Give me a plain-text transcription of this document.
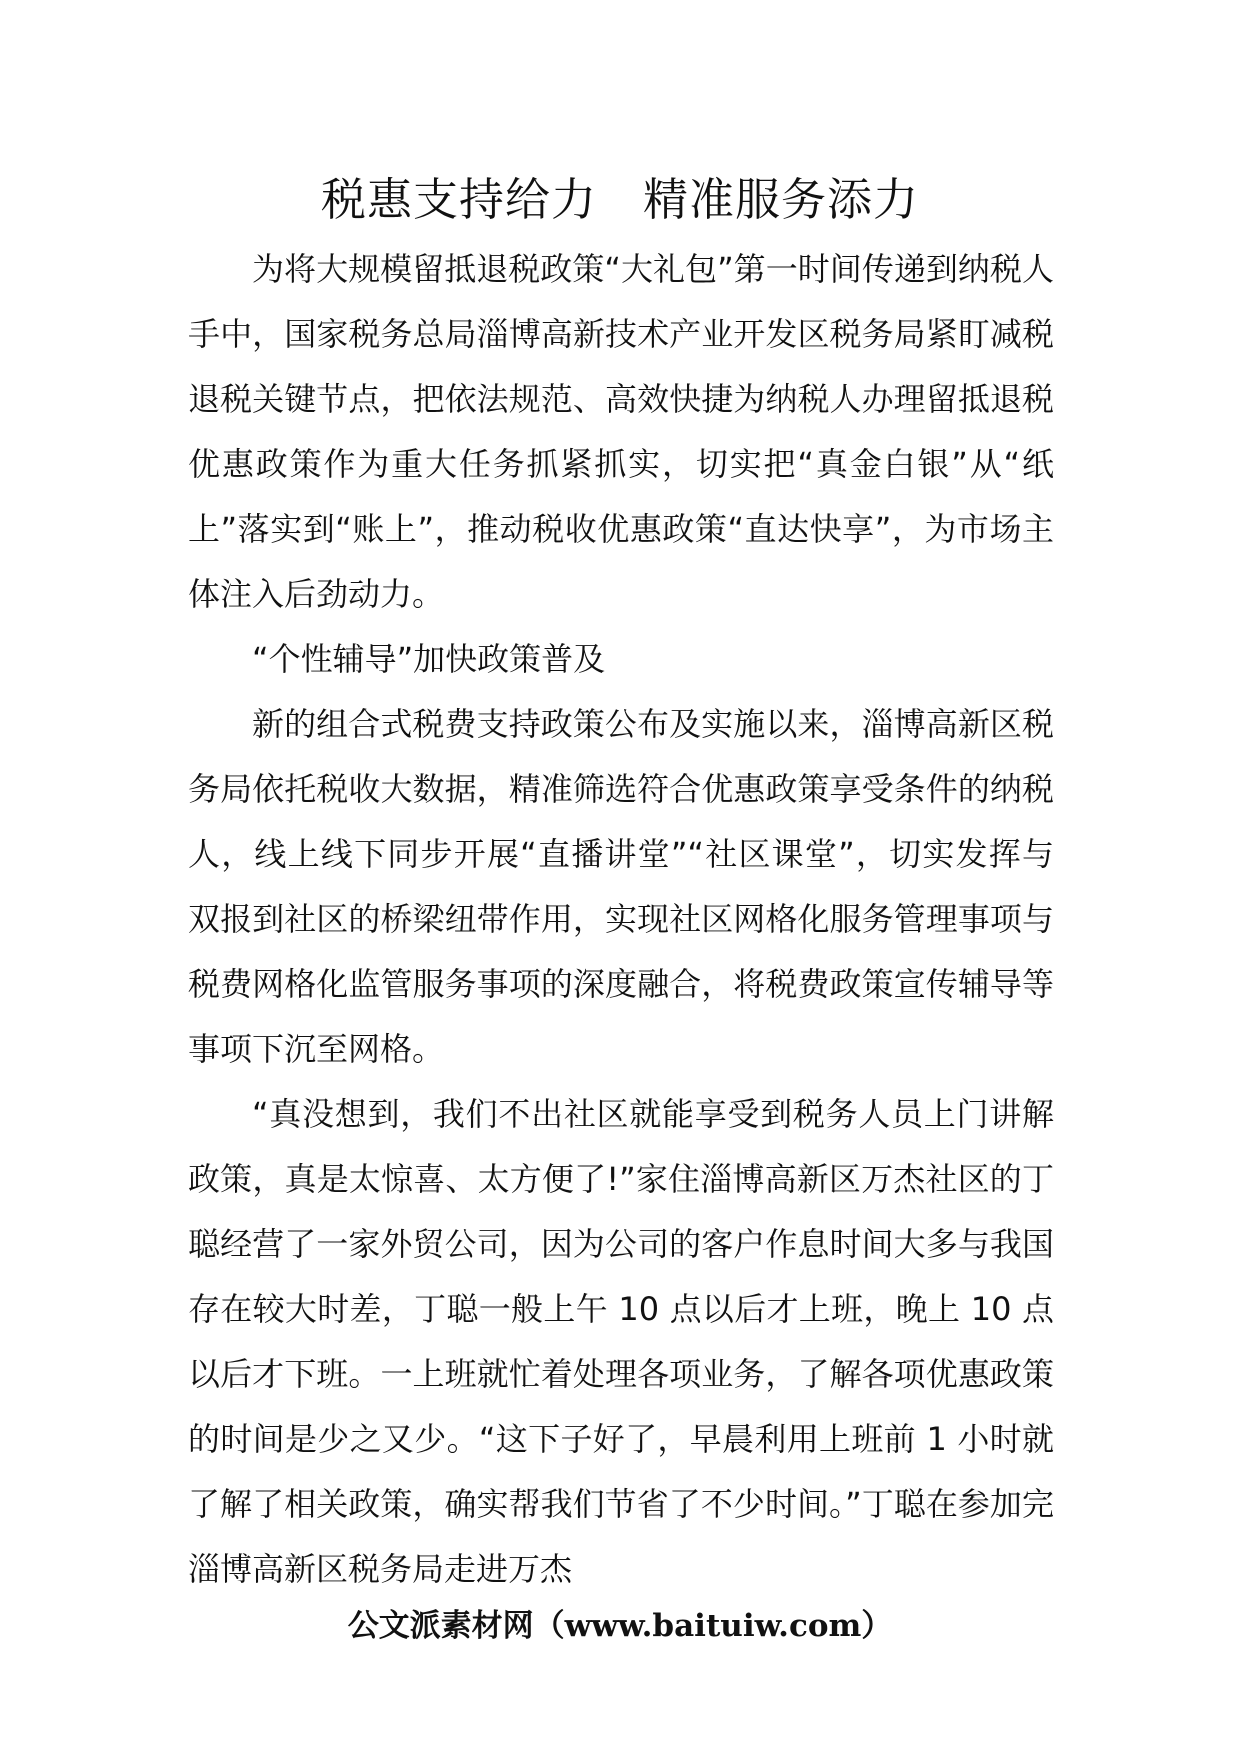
税惠支持给力　精准服务添力

为将大规模留抵退税政策“大礼包”第一时间传递到纳税人手中，国家税务总局淄博高新技术产业开发区税务局紧盯减税退税关键节点，把依法规范、高效快捷为纳税人办理留抵退税优惠政策作为重大任务抓紧抓实，切实把“真金白银”从“纸上”落实到“账上”，推动税收优惠政策“直达快享”，为市场主体注入后劲动力。

“个性辅导”加快政策普及

新的组合式税费支持政策公布及实施以来，淄博高新区税务局依托税收大数据，精准筛选符合优惠政策享受条件的纳税人，线上线下同步开展“直播讲堂”“社区课堂”，切实发挥与双报到社区的桥梁纽带作用，实现社区网格化服务管理事项与税费网格化监管服务事项的深度融合，将税费政策宣传辅导等事项下沉至网格。

“真没想到，我们不出社区就能享受到税务人员上门讲解政策，真是太惊喜、太方便了!”家住淄博高新区万杰社区的丁聪经营了一家外贸公司，因为公司的客户作息时间大多与我国存在较大时差，丁聪一般上午 10 点以后才上班，晚上 10 点以后才下班。一上班就忙着处理各项业务，了解各项优惠政策的时间是少之又少。“这下子好了，早晨利用上班前 1 小时就了解了相关政策，确实帮我们节省了不少时间。”丁聪在参加完淄博高新区税务局走进万杰

公文派素材网（www.baituiw.com）
